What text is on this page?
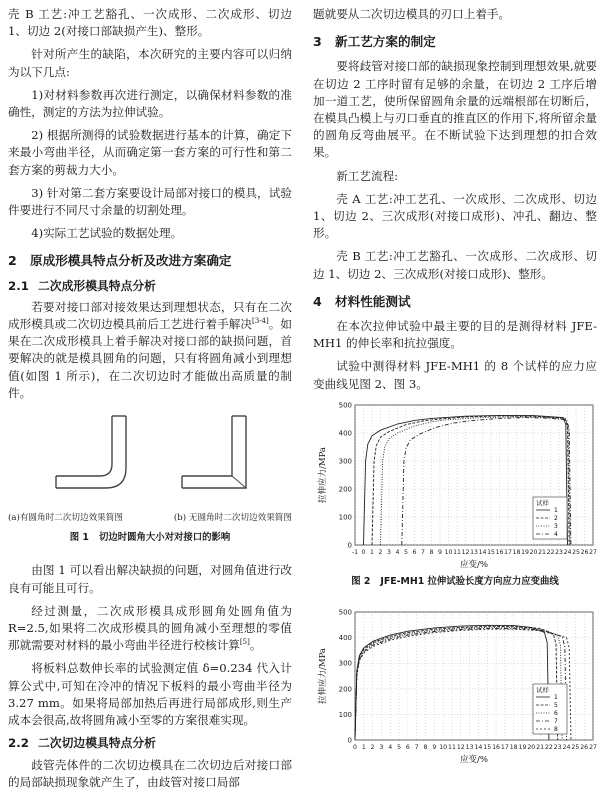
壳 B 工艺:冲工艺豁孔、一次成形、二次成形、切边 1、切边 2(对接口部缺损产生)、整形。

针对所产生的缺陷，本次研究的主要内容可以归纳为以下几点:

1)对材料参数再次进行测定，以确保材料参数的准确性，测定的方法为拉伸试验。

2) 根据所测得的试验数据进行基本的计算，确定下来最小弯曲半径，从而确定第一套方案的可行性和第二套方案的剪裁力大小。

3) 针对第二套方案要设计局部对接口的模具，试验件要进行不同尺寸余量的切割处理。

4)实际工艺试验的数据处理。

2 原成形模具特点分析及改进方案确定
2.1 二次成形模具特点分析

若要对接口部对接效果达到理想状态，只有在二次成形模具或二次切边模具前后工艺进行着手解决[3-4]。如果在二次成形模具上着手解决对接口部的缺损问题，首要解决的就是模具圆角的问题，只有将圆角减小到理想值(如图 1 所示)，在二次切边时才能做出高质量的制件。

(a)有圆角时二次切边效果简图	(b) 无圆角时二次切边效果简图
图 1 切边时圆角大小对对接口的影响

由图 1 可以看出解决缺损的问题，对圆角值进行改良有可能且可行。

经过测量，二次成形模具成形圆角处圆角值为 R=2.5,如果将二次成形模具的圆角减小至理想的零值那就需要对材料的最小弯曲半径进行校核计算[5]。

将板料总数伸长率的试验测定值 δ=0.234 代入计算公式中,可知在冷冲的情况下板料的最小弯曲半径为 3.27 mm。如果将局部加热后再进行局部成形,则生产成本会很高,故将圆角减小至零的方案很难实现。

2.2 二次切边模具特点分析

歧管壳体件的二次切边模具在二次切边后对接口部的局部缺损现象就产生了，由歧管对接口局部

题就要从二次切边模具的刃口上着手。

3 新工艺方案的制定

要将歧管对接口部的缺损现象控制到理想效果,就要在切边 2 工序时留有足够的余量，在切边 2 工序后增加一道工艺，使所保留圆角余量的远端根部在切断后，在模具凸模上与刃口垂直的推直区的作用下,将所留余量的圆角反弯曲展平。在不断试验下达到理想的扣合效果。

新工艺流程:

壳 A 工艺:冲工艺孔、一次成形、二次成形、切边 1、切边 2、三次成形(对接口成形)、冲孔、翻边、整形。

壳 B 工艺:冲工艺豁孔、一次成形、二次成形、切边 1、切边 2、三次成形(对接口成形)、整形。

4 材料性能测试

在本次拉伸试验中最主要的目的是测得材料 JFE-MH1 的伸长率和抗拉强度。

试验中测得材料 JFE-MH1 的 8 个试样的应力应变曲线见图 2、图 3。

-1 0 1 2 3 4 5 6 7 8 9 10 11 12 13 14 15 16 17 18 19 20 21 22 23 24 25 26 27
0
100
200
300
400
500
应变/%
拉伸应力/MPa
试样
1
2
3
4
图 2 JFE-MH1 拉伸试验长度方向应力应变曲线
0 1 2 3 4 5 6 7 8 9 10 11 12 13 14 15 16 17 18 19 20 21 22 23 24 25 26 27
0
100
200
300
400
500
应变/%
拉伸应力/MPa	试样
1
5
6
7
8
